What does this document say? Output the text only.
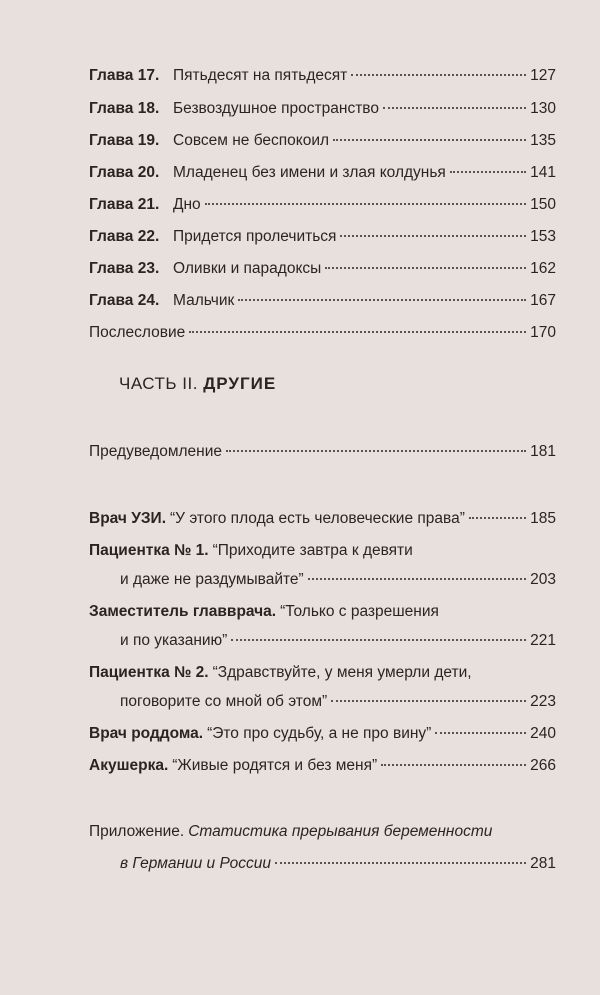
Глава 17. Пятьдесят на пятьдесят	127
Глава 18. Безвоздушное пространство	130
Глава 19. Совсем не беспокоил	135
Глава 20. Младенец без имени и злая колдунья	141
Глава 21. Дно	150
Глава 22. Придется пролечиться	153
Глава 23. Оливки и парадоксы	162
Глава 24. Мальчик	167
Послесловие	170
ЧАСТЬ II. ДРУГИЕ
Предуведомление	181
Врач УЗИ. “У этого плода есть человеческие права”	185
Пациентка № 1. “Приходите завтра к девяти
и даже не раздумывайте”	203
Заместитель главврача. “Только с разрешения
и по указанию”	221
Пациентка № 2. “Здравствуйте, у меня умерли дети,
поговорите со мной об этом”	223
Врач роддома. “Это про судьбу, а не про вину”	240
Акушерка. “Живые родятся и без меня”	266
Приложение. Статистика прерывания беременности
в Германии и России	281
